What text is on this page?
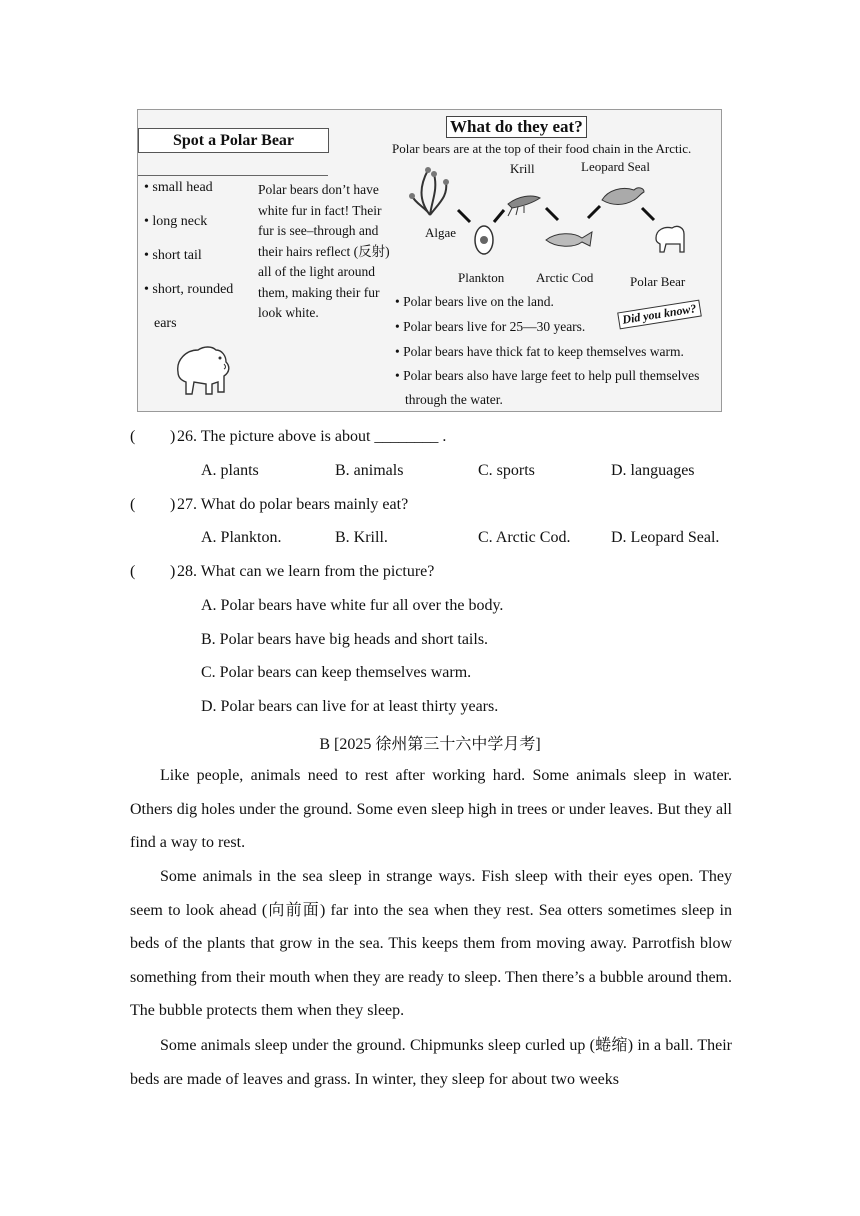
Spot a Polar Bear
• small head
• long neck
• short tail
• short, rounded
ears
Polar bears don’t have white fur in fact! Their fur is see–through and their hairs reflect (反射) all of the light around them, making their fur look white.
What do they eat?
Polar bears are at the top of their food chain in the Arctic.
Algae
Plankton
Krill
Arctic Cod
Leopard Seal
Polar Bear
• Polar bears live on the land.
• Polar bears live for 25—30 years.	Did you know?
• Polar bears have thick fat to keep themselves warm.
• Polar bears also have large feet to help pull themselves
through the water.
( ) 26. The picture above is about ________ .
A. plants	B. animals	C. sports	D. languages
( ) 27. What do polar bears mainly eat?
A. Plankton.	B. Krill.	C. Arctic Cod.	D. Leopard Seal.
( ) 28. What can we learn from the picture?
A. Polar bears have white fur all over the body.
B. Polar bears have big heads and short tails.
C. Polar bears can keep themselves warm.
D. Polar bears can live for at least thirty years.
B [2025 徐州第三十六中学月考]
Like people, animals need to rest after working hard. Some animals sleep in water. Others dig holes under the ground. Some even sleep high in trees or under leaves. But they all find a way to rest.
Some animals in the sea sleep in strange ways. Fish sleep with their eyes open. They seem to look ahead (向前面) far into the sea when they rest. Sea otters sometimes sleep in beds of the plants that grow in the sea. This keeps them from moving away. Parrotfish blow something from their mouth when they are ready to sleep. Then there’s a bubble around them. The bubble protects them when they sleep.
Some animals sleep under the ground. Chipmunks sleep curled up (蜷缩) in a ball. Their beds are made of leaves and grass. In winter, they sleep for about two weeks
